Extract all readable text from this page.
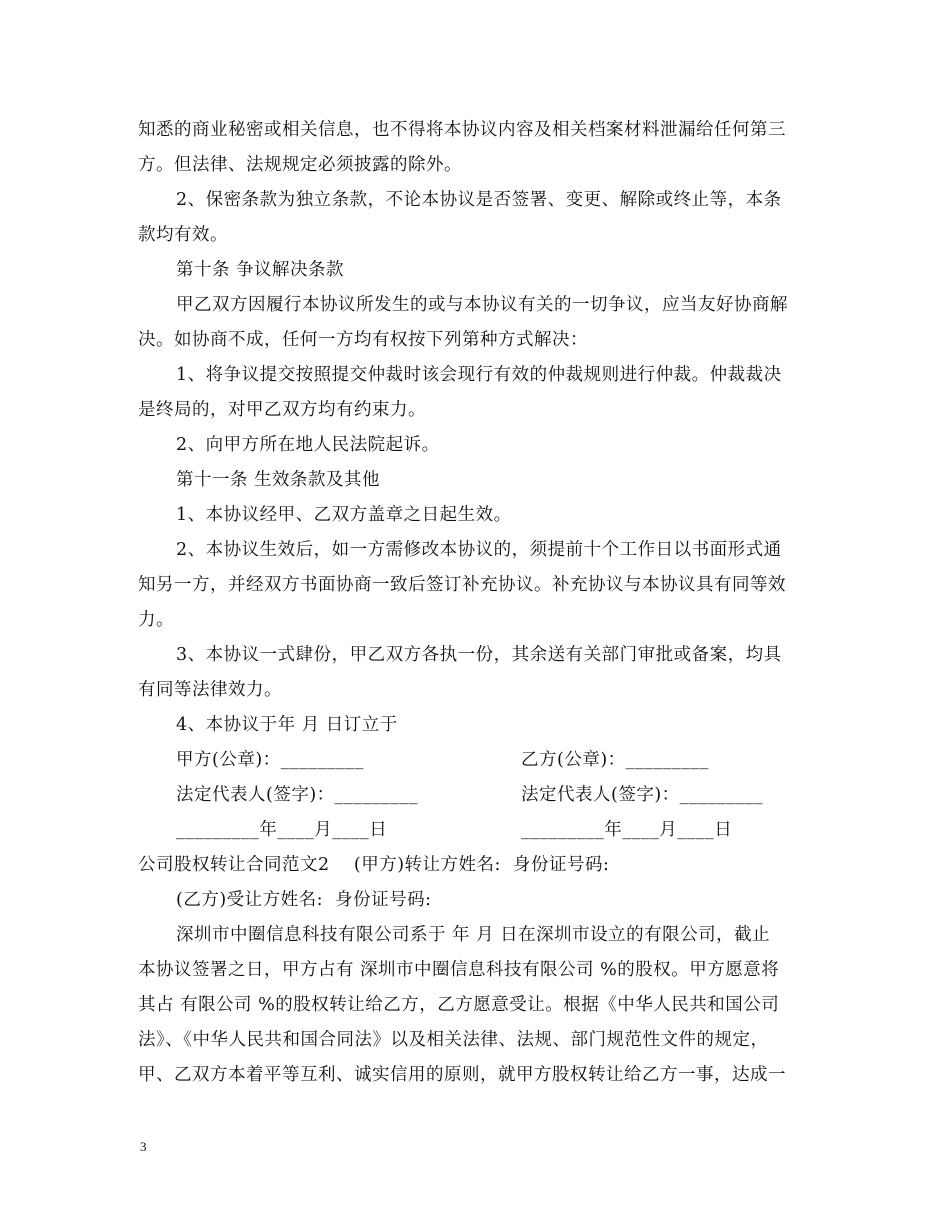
知悉的商业秘密或相关信息，也不得将本协议内容及相关档案材料泄漏给任何第三
方。但法律、法规规定必须披露的除外。
2、保密条款为独立条款，不论本协议是否签署、变更、解除或终止等，本条
款均有效。
第十条 争议解决条款
甲乙双方因履行本协议所发生的或与本协议有关的一切争议，应当友好协商解
决。如协商不成，任何一方均有权按下列第种方式解决：
1、将争议提交按照提交仲裁时该会现行有效的仲裁规则进行仲裁。仲裁裁决
是终局的，对甲乙双方均有约束力。
2、向甲方所在地人民法院起诉。
第十一条 生效条款及其他
1、本协议经甲、乙双方盖章之日起生效。
2、本协议生效后，如一方需修改本协议的，须提前十个工作日以书面形式通
知另一方，并经双方书面协商一致后签订补充协议。补充协议与本协议具有同等效
力。
3、本协议一式肆份，甲乙双方各执一份，其余送有关部门审批或备案，均具
有同等法律效力。
4、本协议于年 月 日订立于
甲方(公章)：_________	乙方(公章)：_________
法定代表人(签字)：_________	法定代表人(签字)：_________
_________年____月____日	_________年____月____日
公司股权转让合同范文2    (甲方)转让方姓名:  身份证号码:
(乙方)受让方姓名:  身份证号码:
深圳市中圈信息科技有限公司系于 年 月 日在深圳市设立的有限公司，截止
本协议签署之日，甲方占有 深圳市中圈信息科技有限公司 %的股权。甲方愿意将
其占 有限公司 %的股权转让给乙方，乙方愿意受让。根据《中华人民共和国公司
法》、《中华人民共和国合同法》以及相关法律、法规、部门规范性文件的规定，
甲、乙双方本着平等互利、诚实信用的原则，就甲方股权转让给乙方一事，达成一
3
